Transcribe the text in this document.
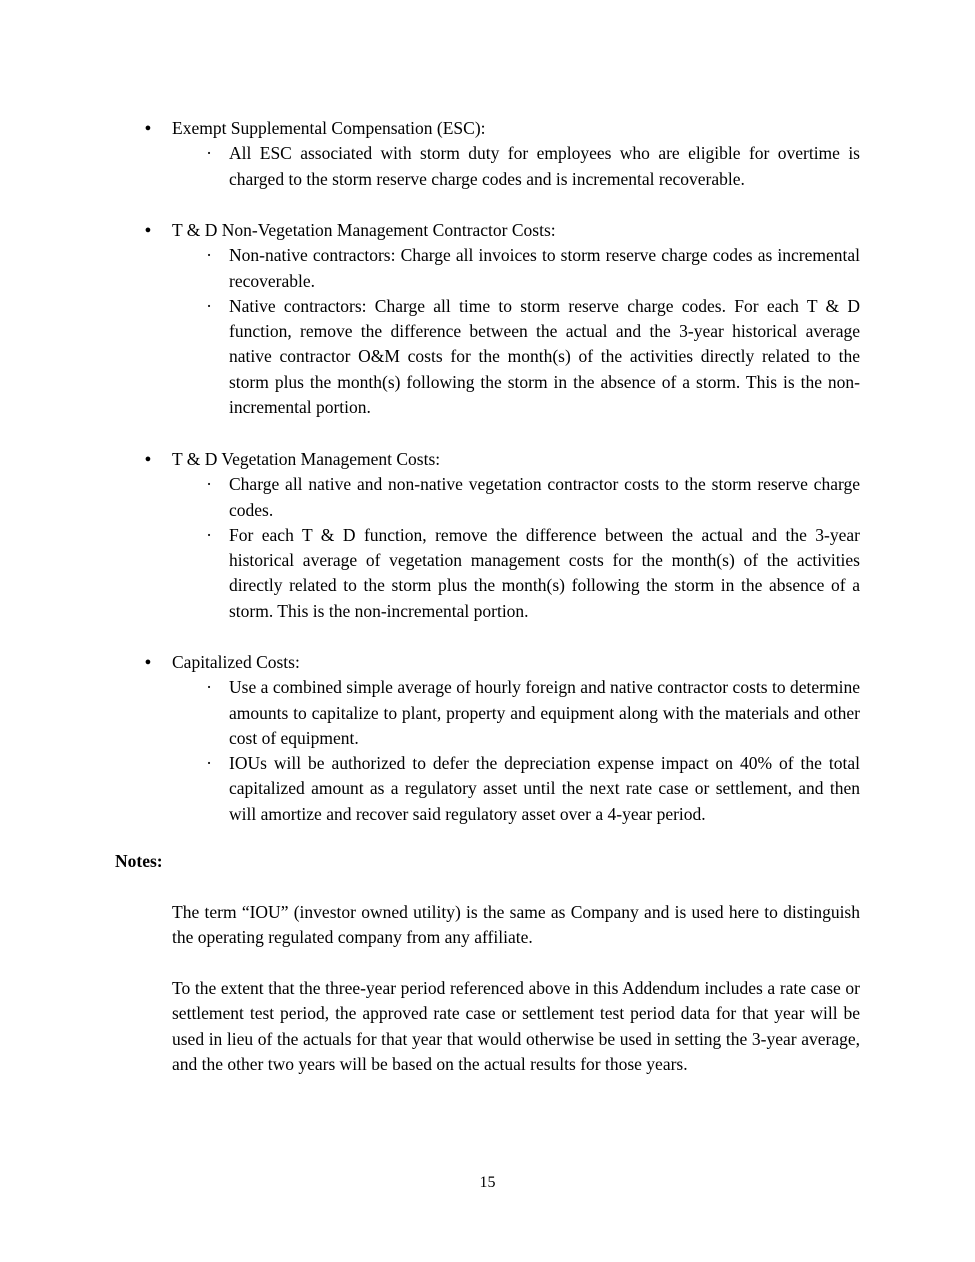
● Exempt Supplemental Compensation (ESC):
· All ESC associated with storm duty for employees who are eligible for overtime is charged to the storm reserve charge codes and is incremental recoverable.
● T & D Non-Vegetation Management Contractor Costs:
· Non-native contractors: Charge all invoices to storm reserve charge codes as incremental recoverable.
· Native contractors: Charge all time to storm reserve charge codes. For each T & D function, remove the difference between the actual and the 3-year historical average native contractor O&M costs for the month(s) of the activities directly related to the storm plus the month(s) following the storm in the absence of a storm. This is the non-incremental portion.
● T & D Vegetation Management Costs:
· Charge all native and non-native vegetation contractor costs to the storm reserve charge codes.
· For each T & D function, remove the difference between the actual and the 3-year historical average of vegetation management costs for the month(s) of the activities directly related to the storm plus the month(s) following the storm in the absence of a storm. This is the non-incremental portion.
● Capitalized Costs:
· Use a combined simple average of hourly foreign and native contractor costs to determine amounts to capitalize to plant, property and equipment along with the materials and other cost of equipment.
· IOUs will be authorized to defer the depreciation expense impact on 40% of the total capitalized amount as a regulatory asset until the next rate case or settlement, and then will amortize and recover said regulatory asset over a 4-year period.
Notes:
The term “IOU” (investor owned utility) is the same as Company and is used here to distinguish the operating regulated company from any affiliate.
To the extent that the three-year period referenced above in this Addendum includes a rate case or settlement test period, the approved rate case or settlement test period data for that year will be used in lieu of the actuals for that year that would otherwise be used in setting the 3-year average, and the other two years will be based on the actual results for those years.
15
